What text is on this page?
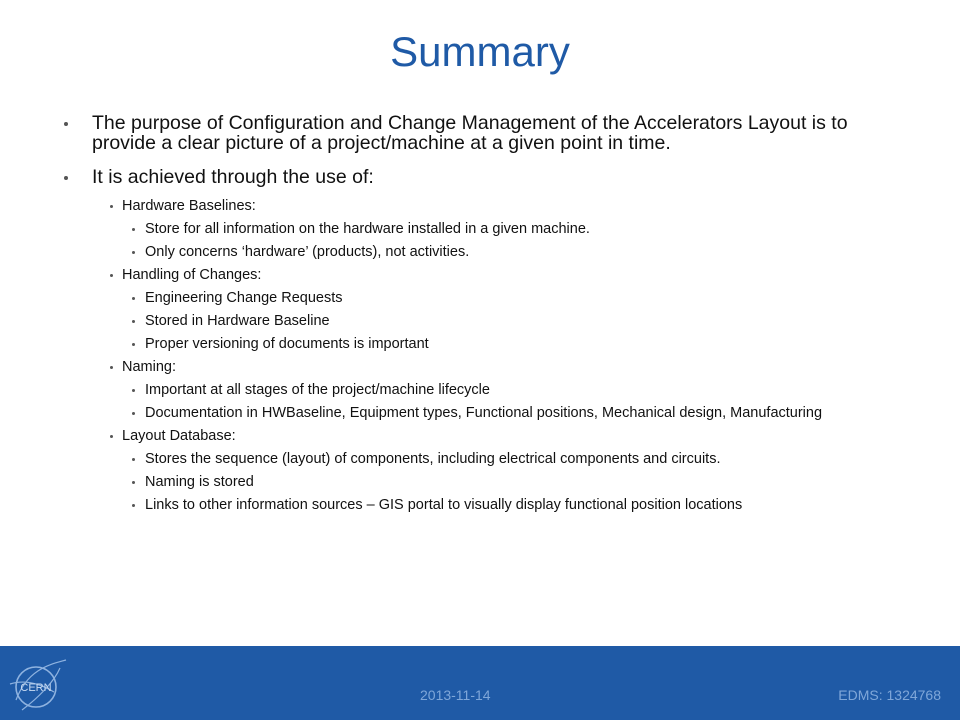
Summary
The purpose of Configuration and Change Management of the Accelerators Layout is to provide a clear picture of a project/machine at a given point in time.
It is achieved through the use of:
Hardware Baselines:
Store for all information on the hardware installed in a given machine.
Only concerns ‘hardware’ (products), not activities.
Handling of Changes:
Engineering Change Requests
Stored in Hardware Baseline
Proper versioning of documents is important
Naming:
Important at all stages of the project/machine lifecycle
Documentation in HWBaseline, Equipment types, Functional positions, Mechanical design, Manufacturing
Layout Database:
Stores the sequence (layout) of components, including electrical components and circuits.
Naming is stored
Links to other information sources – GIS portal to visually display functional position locations
CERN	2013-11-14	EDMS: 1324768
